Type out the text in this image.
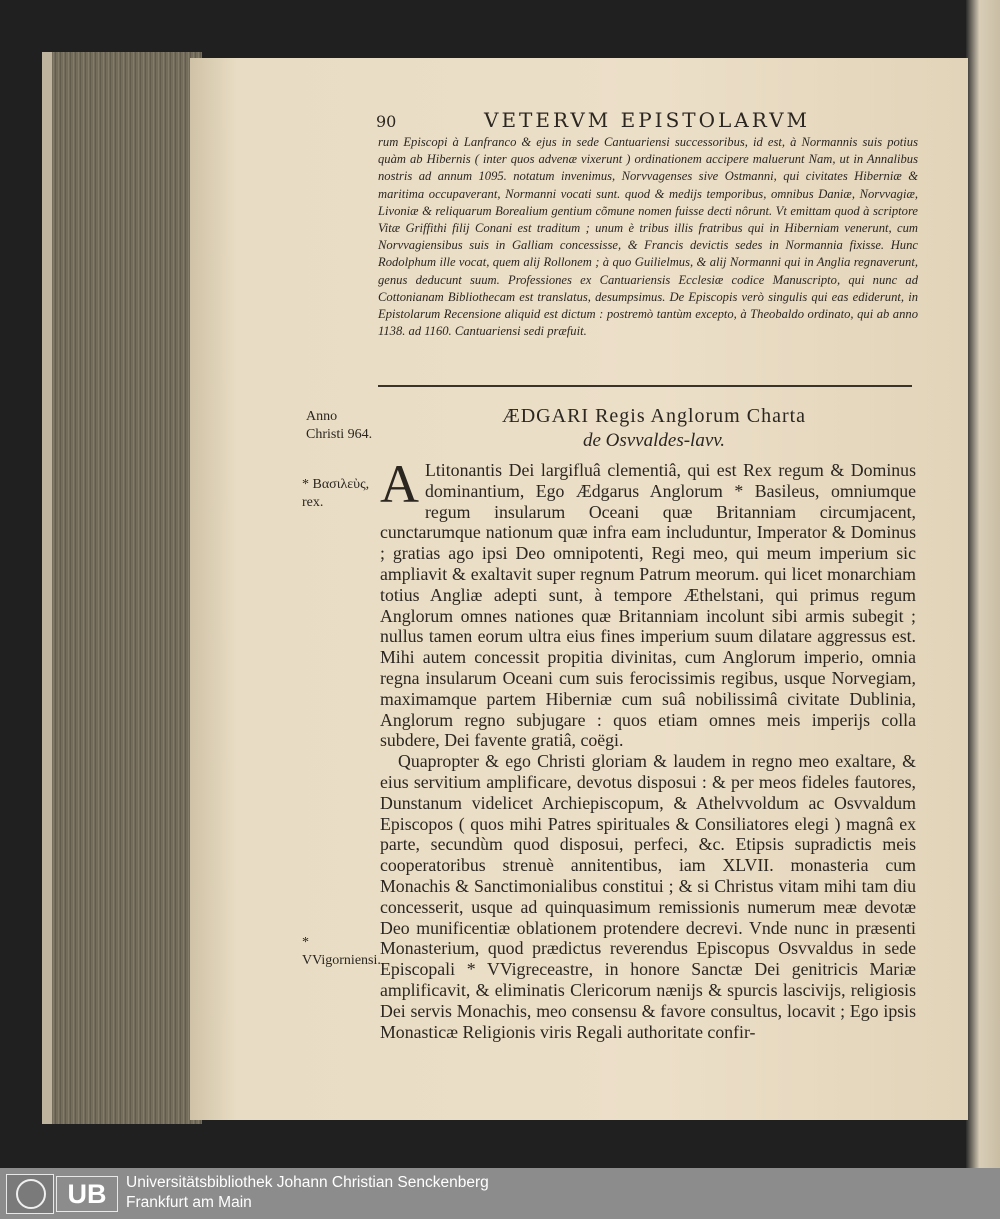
90	VETERVM EPISTOLARVM

rum Episcopi à Lanfranco & ejus in sede Cantuariensi successoribus, id est, à Normannis suis potius quàm ab Hibernis ( inter quos advenæ vixerunt ) ordinationem accipere maluerunt Nam, ut in Annalibus nostris ad annum 1095. notatum invenimus, Norvvagenses sive Ostmanni, qui civitates Hiberniæ & maritima occupaverant, Normanni vocati sunt. quod & medijs temporibus, omnibus Daniæ, Norvvagiæ, Livoniæ & reliquarum Borealium gentium cõmune nomen fuisse decti nôrunt. Vt emittam quod à scriptore Vitæ Griffithi filij Conani est traditum ; unum è tribus illis fratribus qui in Hiberniam venerunt, cum Norvvagiensibus suis in Galliam concessisse, & Francis devictis sedes in Normannia fixisse. Hunc Rodolphum ille vocat, quem alij Rollonem ; à quo Guilielmus, & alij Normanni qui in Anglia regnaverunt, genus deducunt suum. Professiones ex Cantuariensis Ecclesiæ codice Manuscripto, qui nunc ad Cottonianam Bibliothecam est translatus, desumpsimus. De Episcopis verò singulis qui eas ediderunt, in Epistolarum Recensione aliquid est dictum : postremò tantùm excepto, à Theobaldo ordinato, qui ab anno 1138. ad 1160. Cantuariensi sedi præfuit.

Anno Christi 964.
* Βασιλεὺς, rex.
* VVigorniensi.
ÆDGARI Regis Anglorum Charta
de Osvvaldes-lavv.

A Ltitonantis Dei largifluâ clementiâ, qui est Rex regum & Dominus dominantium, Ego Ædgarus Anglorum * Basileus, omniumque regum insularum Oceani quæ Britanniam circumjacent, cunctarumque nationum quæ infra eam includuntur, Imperator & Dominus ; gratias ago ipsi Deo omnipotenti, Regi meo, qui meum imperium sic ampliavit & exaltavit super regnum Patrum meorum. qui licet monarchiam totius Angliæ adepti sunt, à tempore Æthelstani, qui primus regum Anglorum omnes nationes quæ Britanniam incolunt sibi armis subegit ; nullus tamen eorum ultra eius fines imperium suum dilatare aggressus est. Mihi autem concessit propitia divinitas, cum Anglorum imperio, omnia regna insularum Oceani cum suis ferocissimis regibus, usque Norvegiam, maximamque partem Hiberniæ cum suâ nobilissimâ civitate Dublinia, Anglorum regno subjugare : quos etiam omnes meis imperijs colla subdere, Dei favente gratiâ, coëgi.

Quapropter & ego Christi gloriam & laudem in regno meo exaltare, & eius servitium amplificare, devotus disposui : & per meos fideles fautores, Dunstanum videlicet Archiepiscopum, & Athelvvoldum ac Osvvaldum Episcopos ( quos mihi Patres spirituales & Consiliatores elegi ) magnâ ex parte, secundùm quod disposui, perfeci, &c. Etipsis supradictis meis cooperatoribus strenuè annitentibus, iam XLVII. monasteria cum Monachis & Sanctimonialibus constitui ; & si Christus vitam mihi tam diu concesserit, usque ad quinquasimum remissionis numerum meæ devotæ Deo munificentiæ oblationem protendere decrevi. Vnde nunc in præsenti Monasterium, quod prædictus reverendus Episcopus Osvvaldus in sede Episcopali * VVigreceastre, in honore Sanctæ Dei genitricis Mariæ amplificavit, & eliminatis Clericorum nænijs & spurcis lascivijs, religiosis Dei servis Monachis, meo consensu & favore consultus, locavit ; Ego ipsis Monasticæ Religionis viris Regali authoritate confir-

UB	Universitätsbibliothek Johann Christian Senckenberg
Frankfurt am Main
